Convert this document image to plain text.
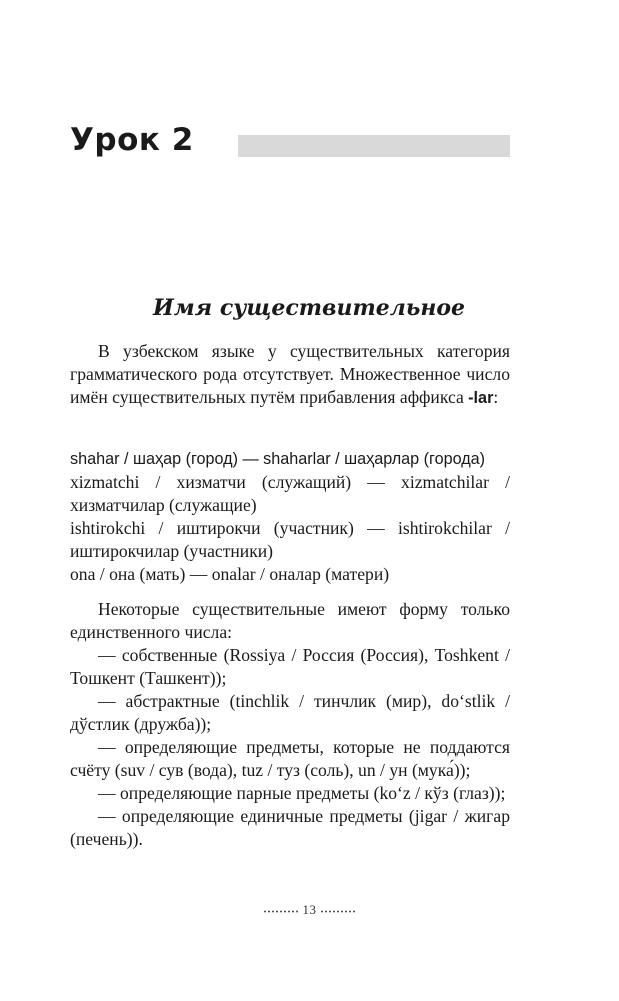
Урок 2
Имя существительное

В узбекском языке у существительных категория грамматического рода отсутствует. Множественное число имён существительных путём прибавления аффикса -lar:

shahar / шаҳар (город) — shaharlar / шаҳарлар (города)

xizmatchi / хизматчи (служащий) — xizmatchilar / хизматчилар (служащие)

ishtirokchi / иштирокчи (участник) — ishtirokchilar / иштирокчилар (участники)

ona / она (мать) — onalar / оналар (матери)

Некоторые существительные имеют форму только единственного числа:

— собственные (Rossiya / Россия (Россия), Toshkent / Тошкент (Ташкент));

— абстрактные (tinchlik / тинчлик (мир), do‘stlik / дўстлик (дружба));

— определяющие предметы, которые не поддаются счёту (suv / сув (вода), tuz / туз (соль), un / ун (мука́));

— определяющие парные предметы (ko‘z / кўз (глаз));

— определяющие единичные предметы (jigar / жигар (печень)).

13
